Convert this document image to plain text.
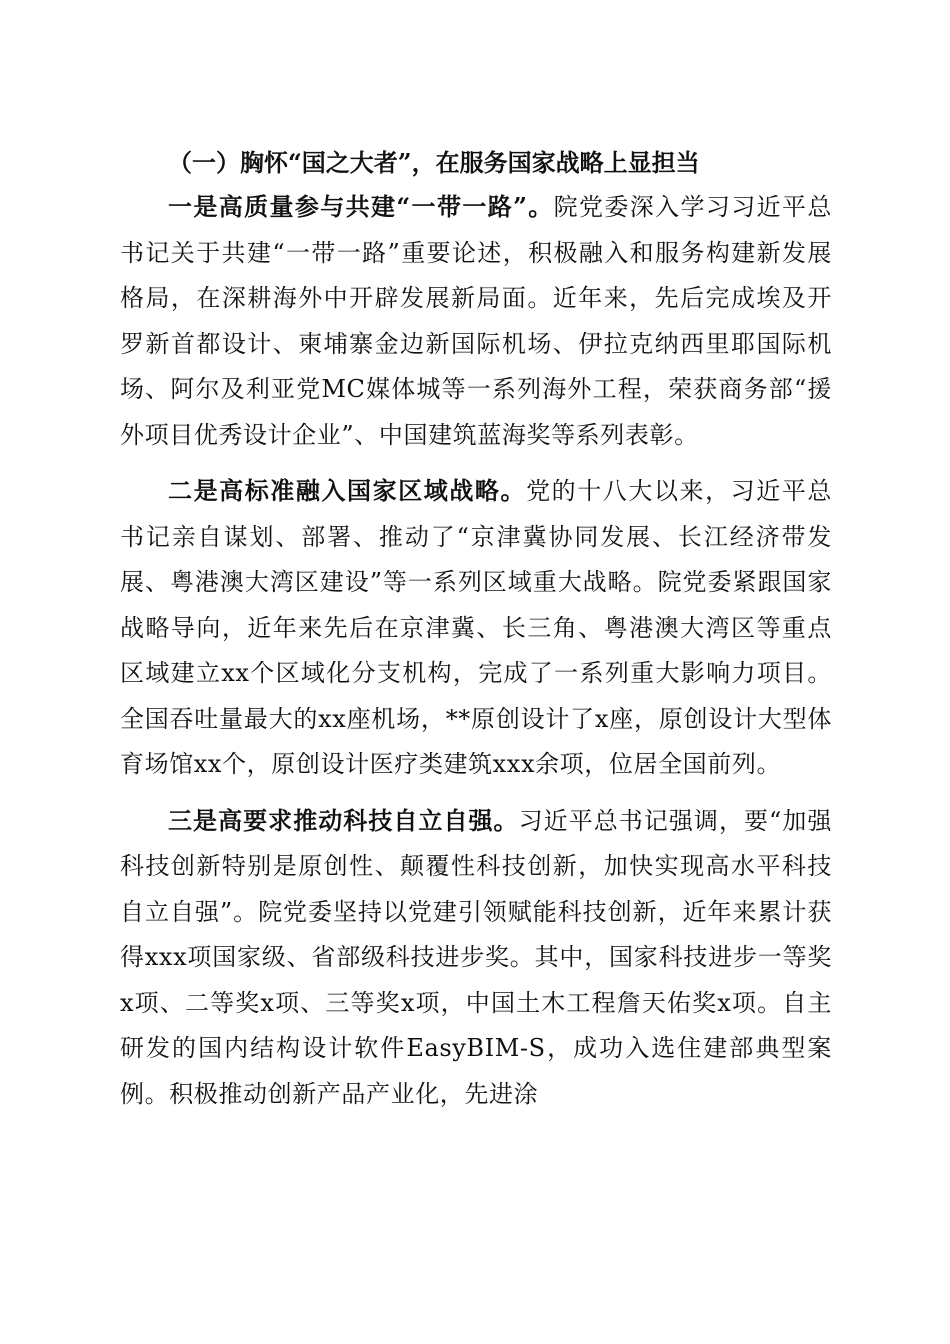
（一）胸怀“国之大者”，在服务国家战略上显担当

一是高质量参与共建“一带一路”。院党委深入学习习近平总书记关于共建“一带一路”重要论述，积极融入和服务构建新发展格局，在深耕海外中开辟发展新局面。近年来，先后完成埃及开罗新首都设计、柬埔寨金边新国际机场、伊拉克纳西里耶国际机场、阿尔及利亚党MC媒体城等一系列海外工程，荣获商务部“援外项目优秀设计企业”、中国建筑蓝海奖等系列表彰。

二是高标准融入国家区域战略。党的十八大以来，习近平总书记亲自谋划、部署、推动了“京津冀协同发展、长江经济带发展、粤港澳大湾区建设”等一系列区域重大战略。院党委紧跟国家战略导向，近年来先后在京津冀、长三角、粤港澳大湾区等重点区域建立xx个区域化分支机构，完成了一系列重大影响力项目。全国吞吐量最大的xx座机场，**原创设计了x座，原创设计大型体育场馆xx个，原创设计医疗类建筑xxx余项，位居全国前列。

三是高要求推动科技自立自强。习近平总书记强调，要“加强科技创新特别是原创性、颠覆性科技创新，加快实现高水平科技自立自强”。院党委坚持以党建引领赋能科技创新，近年来累计获得xxx项国家级、省部级科技进步奖。其中，国家科技进步一等奖x项、二等奖x项、三等奖x项，中国土木工程詹天佑奖x项。自主研发的国内结构设计软件EasyBIM-S，成功入选住建部典型案例。积极推动创新产品产业化，先进涂
